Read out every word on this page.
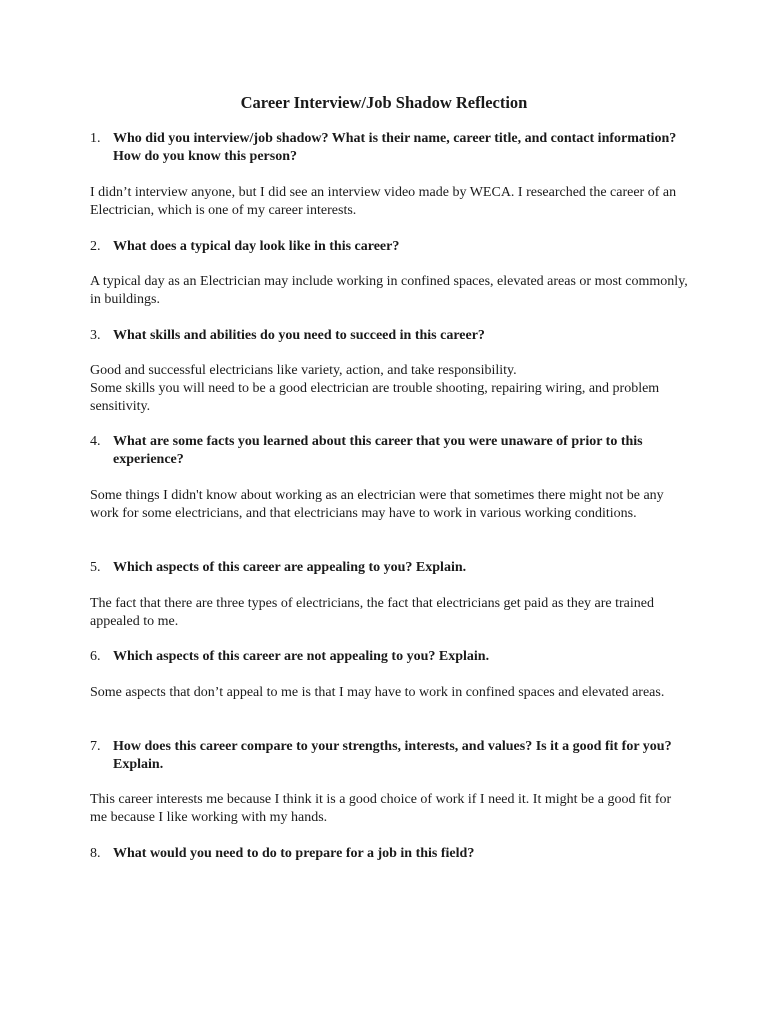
Career Interview/Job Shadow Reflection
1. Who did you interview/job shadow? What is their name, career title, and contact information? How do you know this person?

I didn’t interview anyone, but I did see an interview video made by WECA. I researched the career of an Electrician, which is one of my career interests.

2. What does a typical day look like in this career?

A typical day as an Electrician may include working in confined spaces, elevated areas or most commonly, in buildings.

3. What skills and abilities do you need to succeed in this career?

Good and successful electricians like variety, action, and take responsibility.

Some skills you will need to be a good electrician are trouble shooting, repairing wiring, and problem sensitivity.

4. What are some facts you learned about this career that you were unaware of prior to this experience?

Some things I didn't know about working as an electrician were that sometimes there might not be any work for some electricians, and that electricians may have to work in various working conditions.

5. Which aspects of this career are appealing to you? Explain.

The fact that there are three types of electricians, the fact that electricians get paid as they are trained appealed to me.

6. Which aspects of this career are not appealing to you? Explain.

Some aspects that don’t appeal to me is that I may have to work in confined spaces and elevated areas.

7. How does this career compare to your strengths, interests, and values? Is it a good fit for you? Explain.

This career interests me because I think it is a good choice of work if I need it. It might be a good fit for me because I like working with my hands.

8. What would you need to do to prepare for a job in this field?
